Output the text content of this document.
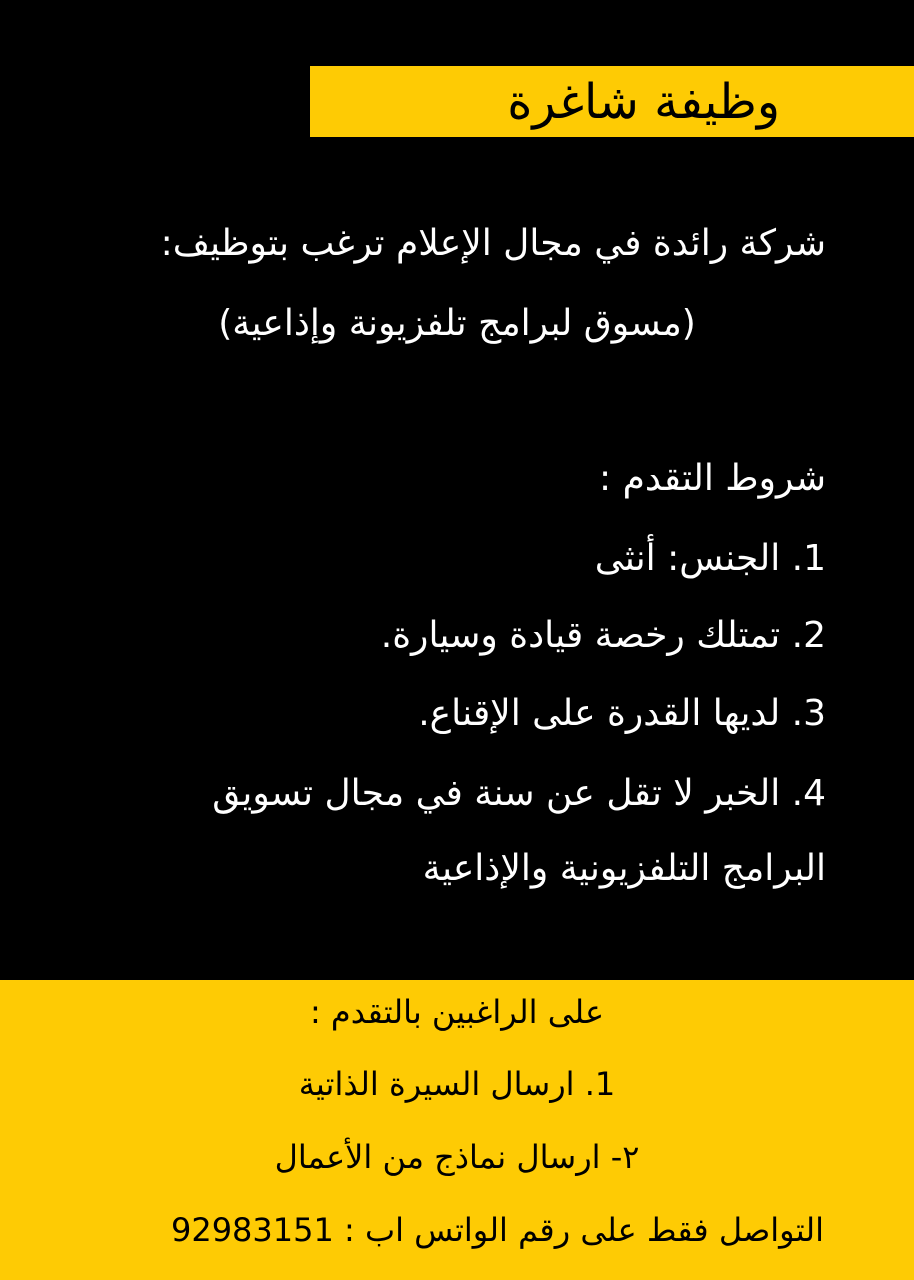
وظيفة شاغرة
شركة رائدة في مجال الإعلام ترغب بتوظيف:
(مسوق لبرامج تلفزيونة وإذاعية)
شروط التقدم :
1. الجنس: أنثى
2. تمتلك رخصة قيادة وسيارة.
3. لديها القدرة على الإقناع.
4. الخبر لا تقل عن سنة في مجال تسويق
البرامج التلفزيونية والإذاعية
على الراغبين بالتقدم :
1. ارسال السيرة الذاتية
٢- ارسال نماذج من الأعمال
التواصل فقط على رقم الواتس اب : 92983151
